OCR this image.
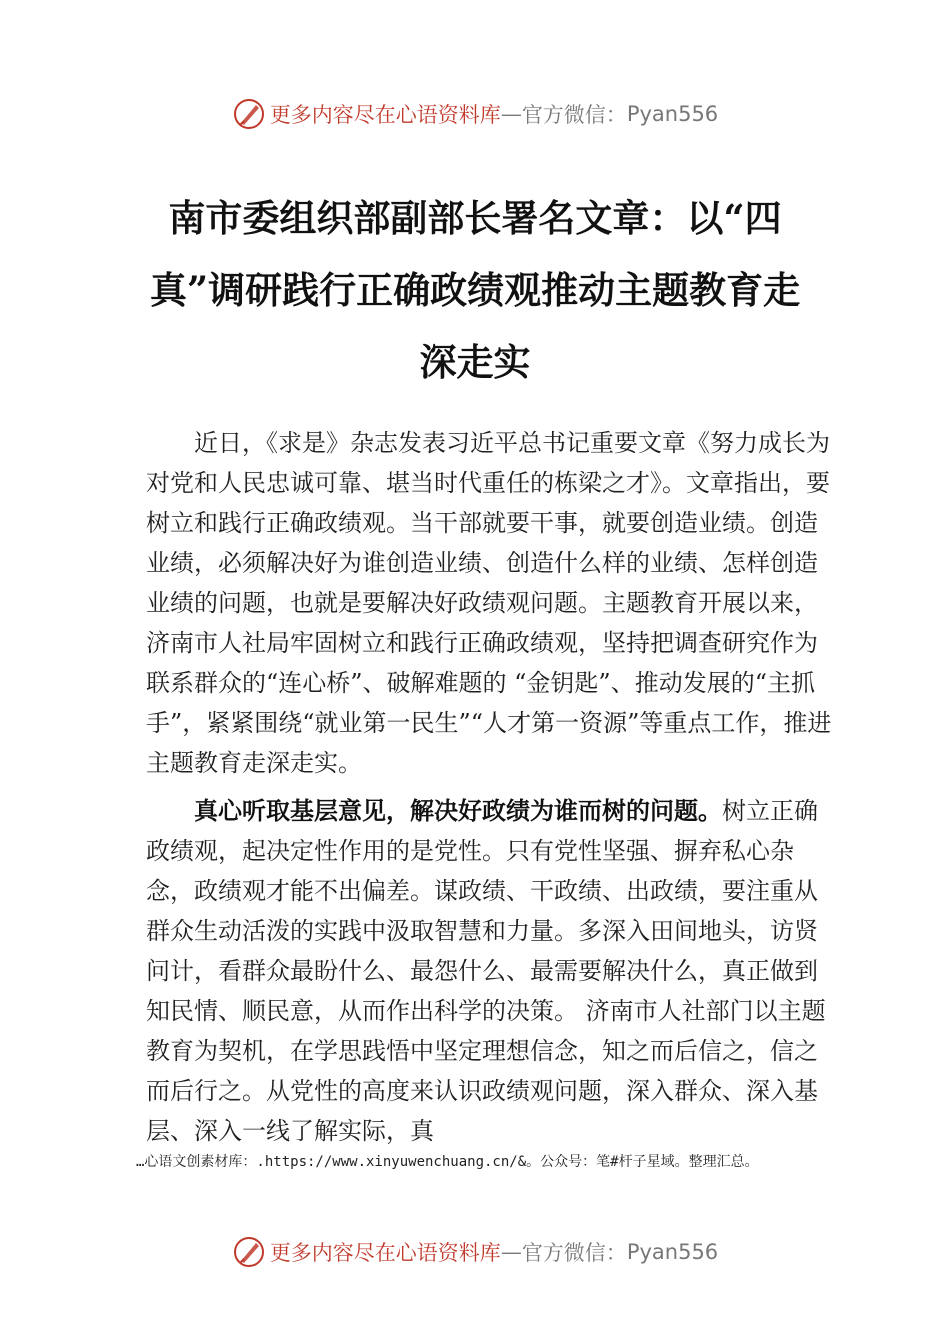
更多内容尽在心语资料库 — 官方微信： Pyan556
南市委组织部副部长署名文章：以“四真”调研践行正确政绩观推动主题教育走深走实

近日，《求是》杂志发表习近平总书记重要文章《努力成长为对党和人民忠诚可靠、堪当时代重任的栋梁之才》。文章指出，要树立和践行正确政绩观。当干部就要干事，就要创造业绩。创造业绩，必须解决好为谁创造业绩、创造什么样的业绩、怎样创造业绩的问题，也就是要解决好政绩观问题。主题教育开展以来，济南市人社局牢固树立和践行正确政绩观，坚持把调查研究作为联系群众的“连心桥”、破解难题的 “金钥匙”、推动发展的“主抓手”，紧紧围绕“就业第一民生”“人才第一资源”等重点工作，推进主题教育走深走实。

真心听取基层意见，解决好政绩为谁而树的问题。树立正确政绩观，起决定性作用的是党性。只有党性坚强、摒弃私心杂念，政绩观才能不出偏差。谋政绩、干政绩、出政绩，要注重从群众生动活泼的实践中汲取智慧和力量。多深入田间地头，访贤问计，看群众最盼什么、最怨什么、最需要解决什么，真正做到知民情、顺民意，从而作出科学的决策。 济南市人社部门以主题教育为契机，在学思践悟中坚定理想信念，知之而后信之，信之而后行之。从党性的高度来认识政绩观问题，深入群众、深入基层、深入一线了解实际，真

…心语文创素材库：.https://www.xinyuwenchuang.cn/&。公众号：笔#杆子星域。整理汇总。
更多内容尽在心语资料库 — 官方微信： Pyan556
